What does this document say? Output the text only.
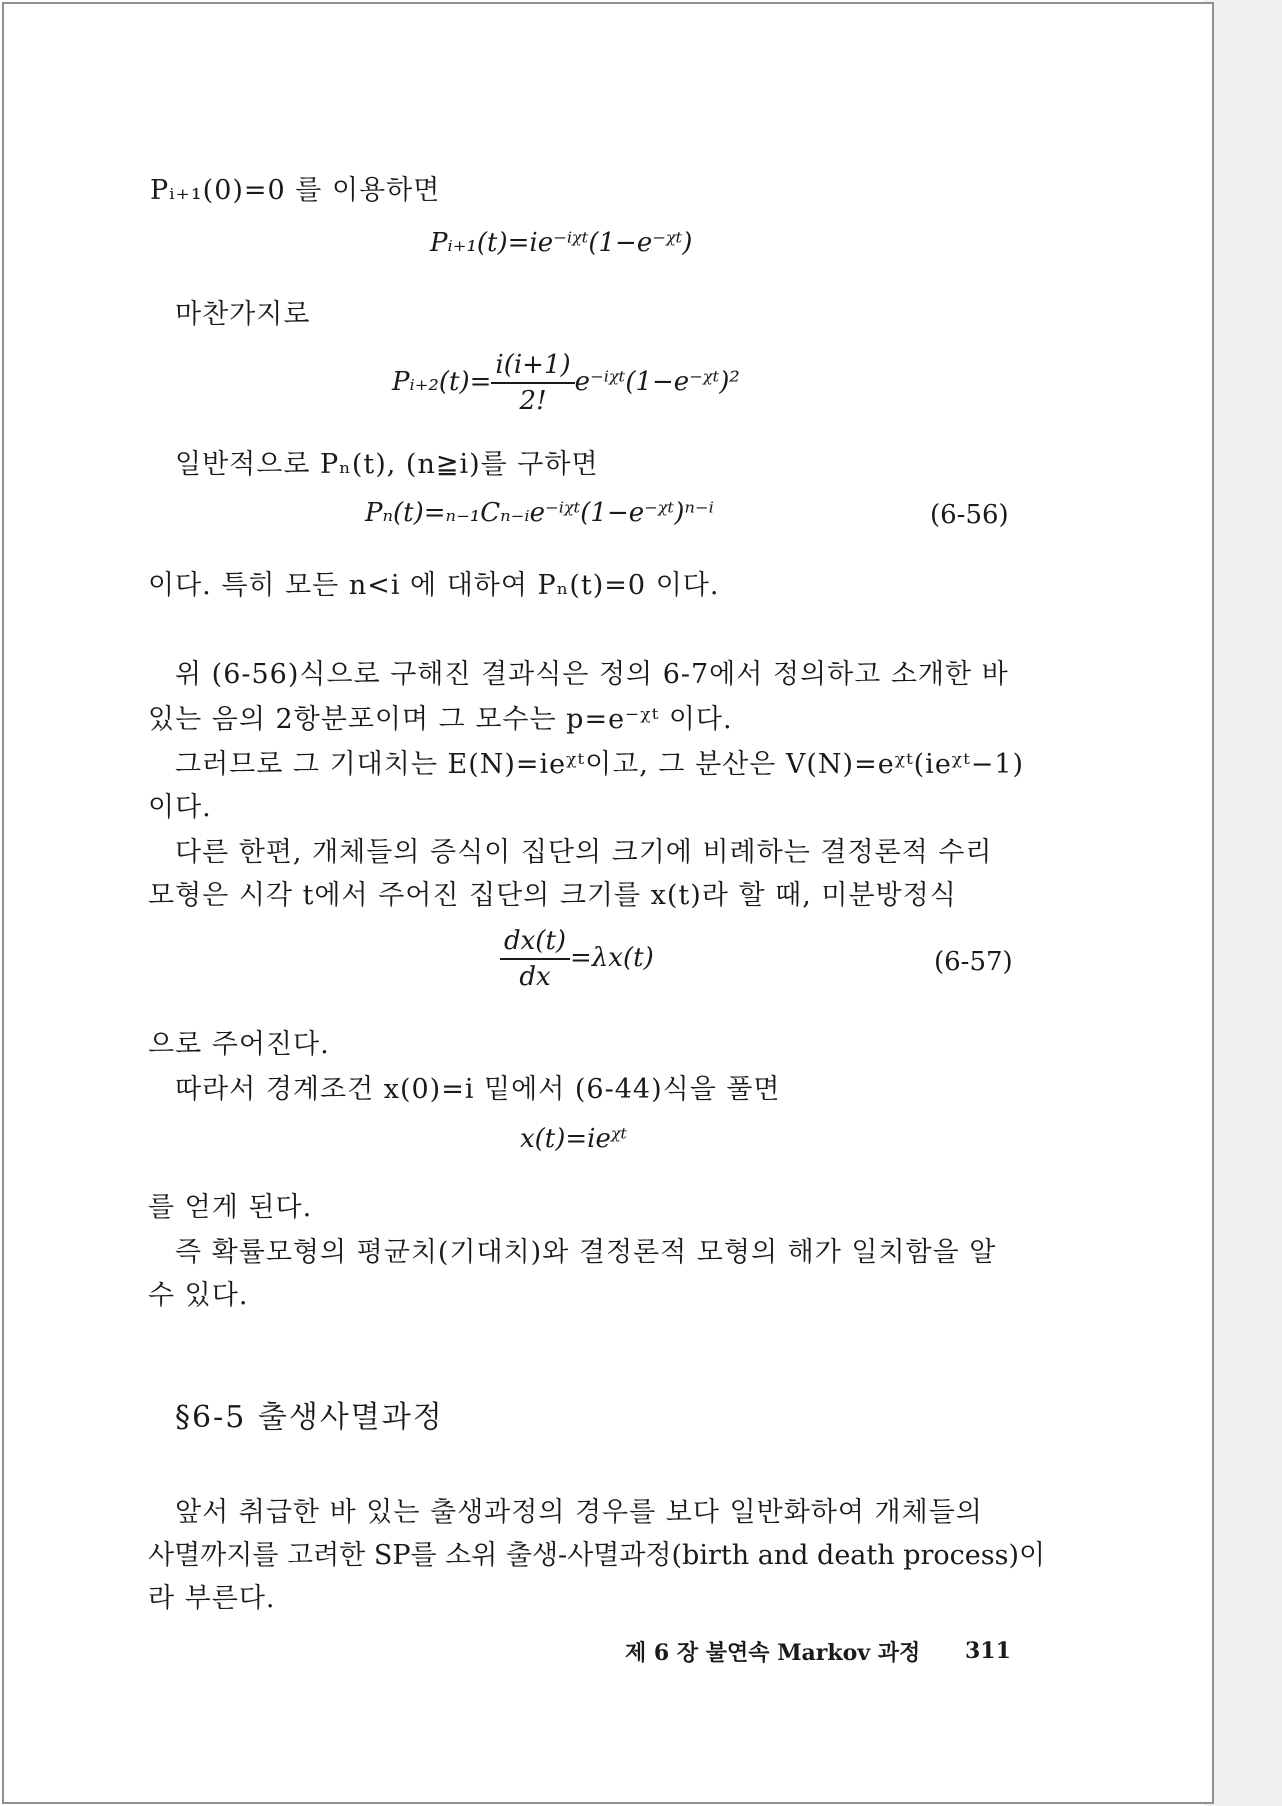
Pᵢ₊₁(0)=0 를 이용하면
Pᵢ₊₁(t)=ie⁻ⁱᵡᵗ(1−e⁻ᵡᵗ)
마찬가지로
Pᵢ₊₂(t)= $\frac{i(i+1)}{2!}$ e⁻ⁱᵡᵗ(1−e⁻ᵡᵗ)²
일반적으로 Pₙ(t), (n≧i)를 구하면
Pₙ(t)=ₙ₋₁Cₙ₋ᵢe⁻ⁱᵡᵗ(1−e⁻ᵡᵗ)ⁿ⁻ⁱ	(6-56)
이다. 특히 모든 n<i 에 대하여 Pₙ(t)=0 이다.
위 (6-56)식으로 구해진 결과식은 정의 6-7에서 정의하고 소개한 바
있는 음의 2항분포이며 그 모수는 p=e⁻ᵡᵗ 이다.
그러므로 그 기대치는 E(N)=ieᵡᵗ이고, 그 분산은 V(N)=eᵡᵗ(ieᵡᵗ−1)
이다.
다른 한편, 개체들의 증식이 집단의 크기에 비례하는 결정론적 수리
모형은 시각 t에서 주어진 집단의 크기를 x(t)라 할 때, 미분방정식
$\frac{dx(t)}{dx} =\lambda x(t)$	(6-57)
으로 주어진다.
따라서 경계조건 x(0)=i 밑에서 (6-44)식을 풀면
x(t)=ieᵡᵗ
를 얻게 된다.
즉 확률모형의 평균치(기대치)와 결정론적 모형의 해가 일치함을 알
수 있다.
§6-5 출생사멸과정
앞서 취급한 바 있는 출생과정의 경우를 보다 일반화하여 개체들의
사멸까지를 고려한 SP를 소위 출생-사멸과정(birth and death process)이
라 부른다.
제 6 장 불연속 Markov 과정 311
